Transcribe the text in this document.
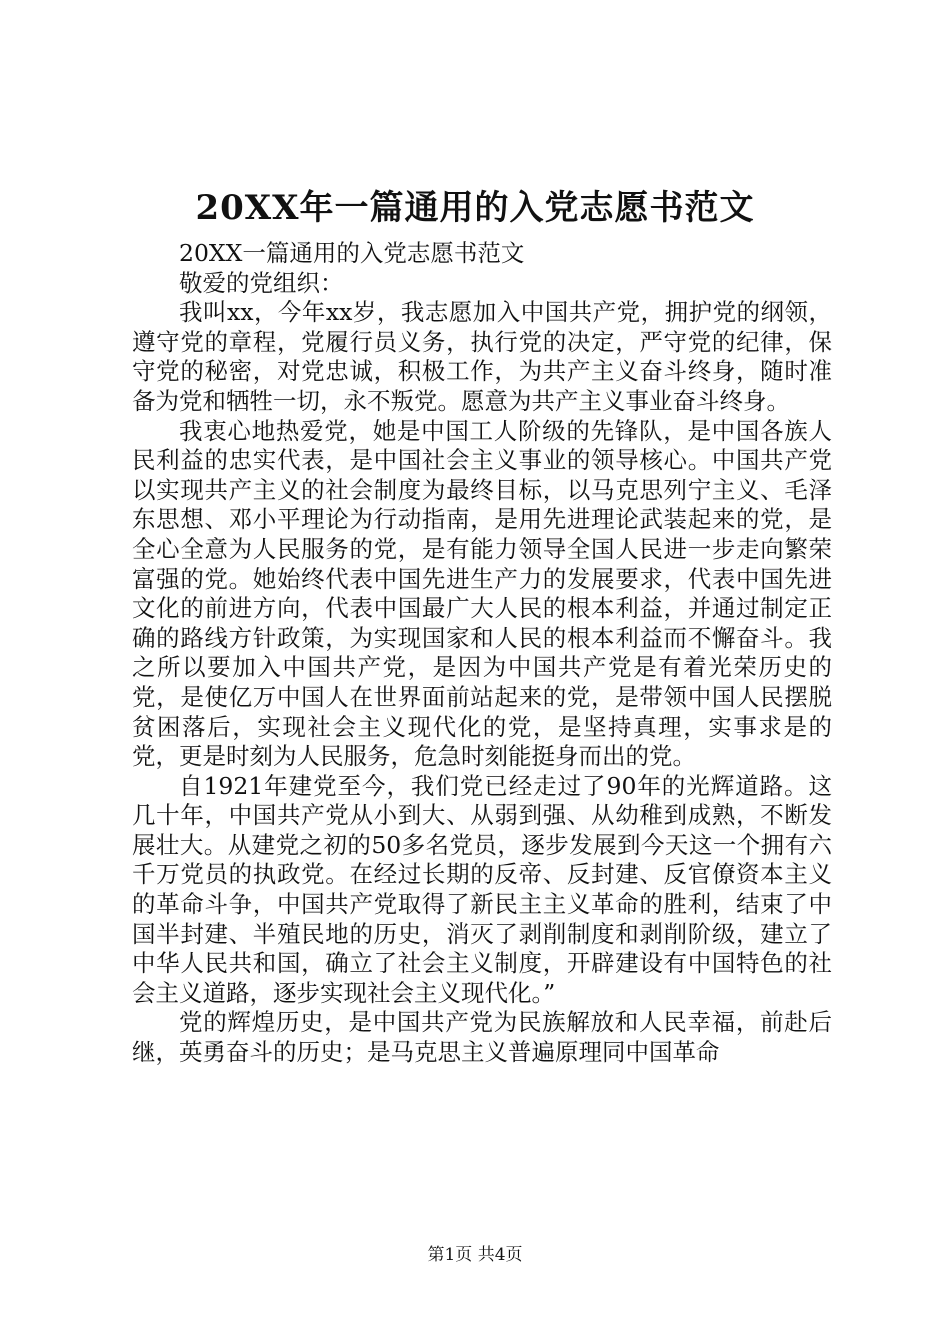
20XX年一篇通用的入党志愿书范文

20XX一篇通用的入党志愿书范文

敬爱的党组织：

我叫xx，今年xx岁，我志愿加入中国共产党，拥护党的纲领，遵守党的章程，党履行员义务，执行党的决定，严守党的纪律，保守党的秘密，对党忠诚，积极工作，为共产主义奋斗终身，随时准备为党和牺牲一切，永不叛党。愿意为共产主义事业奋斗终身。

我衷心地热爱党，她是中国工人阶级的先锋队，是中国各族人民利益的忠实代表，是中国社会主义事业的领导核心。中国共产党以实现共产主义的社会制度为最终目标，以马克思列宁主义、毛泽东思想、邓小平理论为行动指南，是用先进理论武装起来的党，是全心全意为人民服务的党，是有能力领导全国人民进一步走向繁荣富强的党。她始终代表中国先进生产力的发展要求，代表中国先进文化的前进方向，代表中国最广大人民的根本利益，并通过制定正确的路线方针政策，为实现国家和人民的根本利益而不懈奋斗。我之所以要加入中国共产党，是因为中国共产党是有着光荣历史的党，是使亿万中国人在世界面前站起来的党，是带领中国人民摆脱贫困落后，实现社会主义现代化的党，是坚持真理，实事求是的党，更是时刻为人民服务，危急时刻能挺身而出的党。

自1921年建党至今，我们党已经走过了90年的光辉道路。这几十年，中国共产党从小到大、从弱到强、从幼稚到成熟，不断发展壮大。从建党之初的50多名党员，逐步发展到今天这一个拥有六千万党员的执政党。在经过长期的反帝、反封建、反官僚资本主义的革命斗争，中国共产党取得了新民主主义革命的胜利，结束了中国半封建、半殖民地的历史，消灭了剥削制度和剥削阶级，建立了中华人民共和国，确立了社会主义制度，开辟建设有中国特色的社会主义道路，逐步实现社会主义现代化。”

党的辉煌历史，是中国共产党为民族解放和人民幸福，前赴后继，英勇奋斗的历史；是马克思主义普遍原理同中国革命

第1页 共4页
